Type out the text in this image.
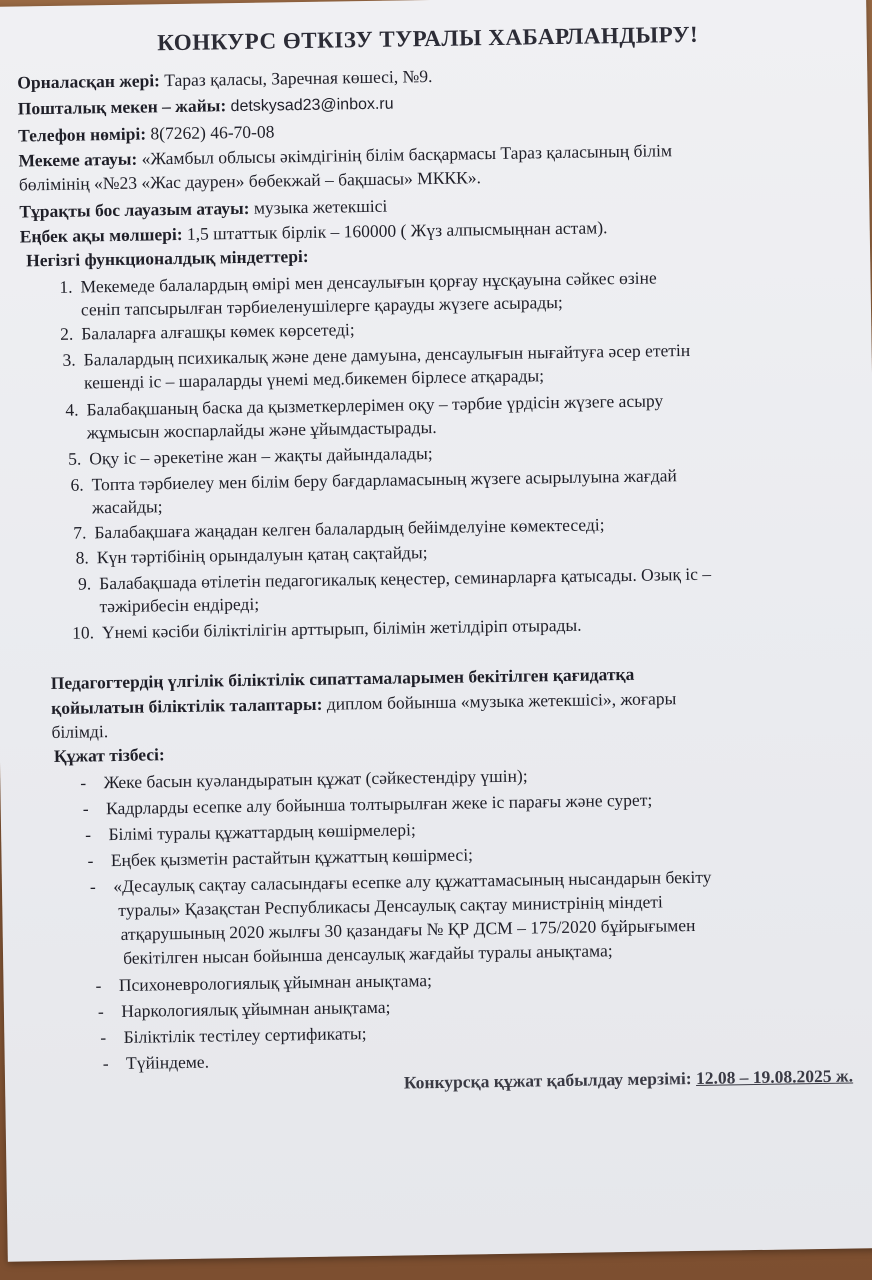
КОНКУРС ӨТКІЗУ ТУРАЛЫ ХАБАРЛАНДЫРУ!
Орналасқан жері: Тараз қаласы, Заречная көшесі, №9.
Пошталық мекен – жайы: detskysad23@inbox.ru
Телефон нөмірі: 8(7262) 46-70-08
Мекеме атауы: «Жамбыл облысы әкімдігінің білім басқармасы Тараз қаласының білім
бөлімінің «№23 «Жас даурен» бөбекжай – бақшасы» МККК».
Тұрақты бос лауазым атауы: музыка жетекшісі
Еңбек ақы мөлшері: 1,5 штаттык бірлік – 160000 ( Жүз алпысмыңнан астам).
Негізгі функционалдық міндеттері:
1. Мекемеде балалардың өмірі мен денсаулығын қорғау нұсқауына сәйкес өзіне
сеніп тапсырылған тәрбиеленушілерге қарауды жүзеге асырады;
2. Балаларға алғашқы көмек көрсетеді;
3. Балалардың психикалық және дене дамуына, денсаулығын нығайтуға әсер ететін
кешенді іс – шараларды үнемі мед.бикемен бірлесе атқарады;
4. Балабақшаның баска да қызметкерлерімен оқу – тәрбие үрдісін жүзеге асыру
жұмысын жоспарлайды және ұйымдастырады.
5. Оқу іс – әрекетіне жан – жақты дайындалады;
6. Топта тәрбиелеу мен білім беру бағдарламасының жүзеге асырылуына жағдай
жасайды;
7. Балабақшаға жаңадан келген балалардың бейімделуіне көмектеседі;
8. Күн тәртібінің орындалуын қатаң сақтайды;
9. Балабақшада өтілетін педагогикалық кеңестер, семинарларға қатысады. Озық іс –
тәжірибесін ендіреді;
10. Үнемі кәсіби біліктілігін арттырып, білімін жетілдіріп отырады.
Педагогтердің үлгілік біліктілік сипаттамаларымен бекітілген қағидатқа
қойылатын біліктілік талаптары: диплом бойынша «музыка жетекшісі», жоғары
білімді.
Құжат тізбесі:
-    Жеке басын куәландыратын құжат (сәйкестендіру үшін);
-    Кадрларды есепке алу бойынша толтырылған жеке іс парағы және сурет;
-    Білімі туралы құжаттардың көшірмелері;
-    Еңбек қызметін растайтын құжаттың көшірмесі;
-    «Десаулық сақтау саласындағы есепке алу құжаттамасының нысандарын бекіту
туралы» Қазақстан Республикасы Денсаулық сақтау министрінің міндеті
атқарушының 2020 жылғы 30 қазандағы № ҚР ДСМ – 175/2020 бұйрығымен
бекітілген нысан бойынша денсаулық жағдайы туралы анықтама;
-    Психоневрологиялық ұйымнан анықтама;
-    Наркологиялық ұйымнан анықтама;
-    Біліктілік тестілеу сертификаты;
-    Түйіндеме.
Конкурсқа құжат қабылдау мерзімі: 12.08 – 19.08.2025 ж.
